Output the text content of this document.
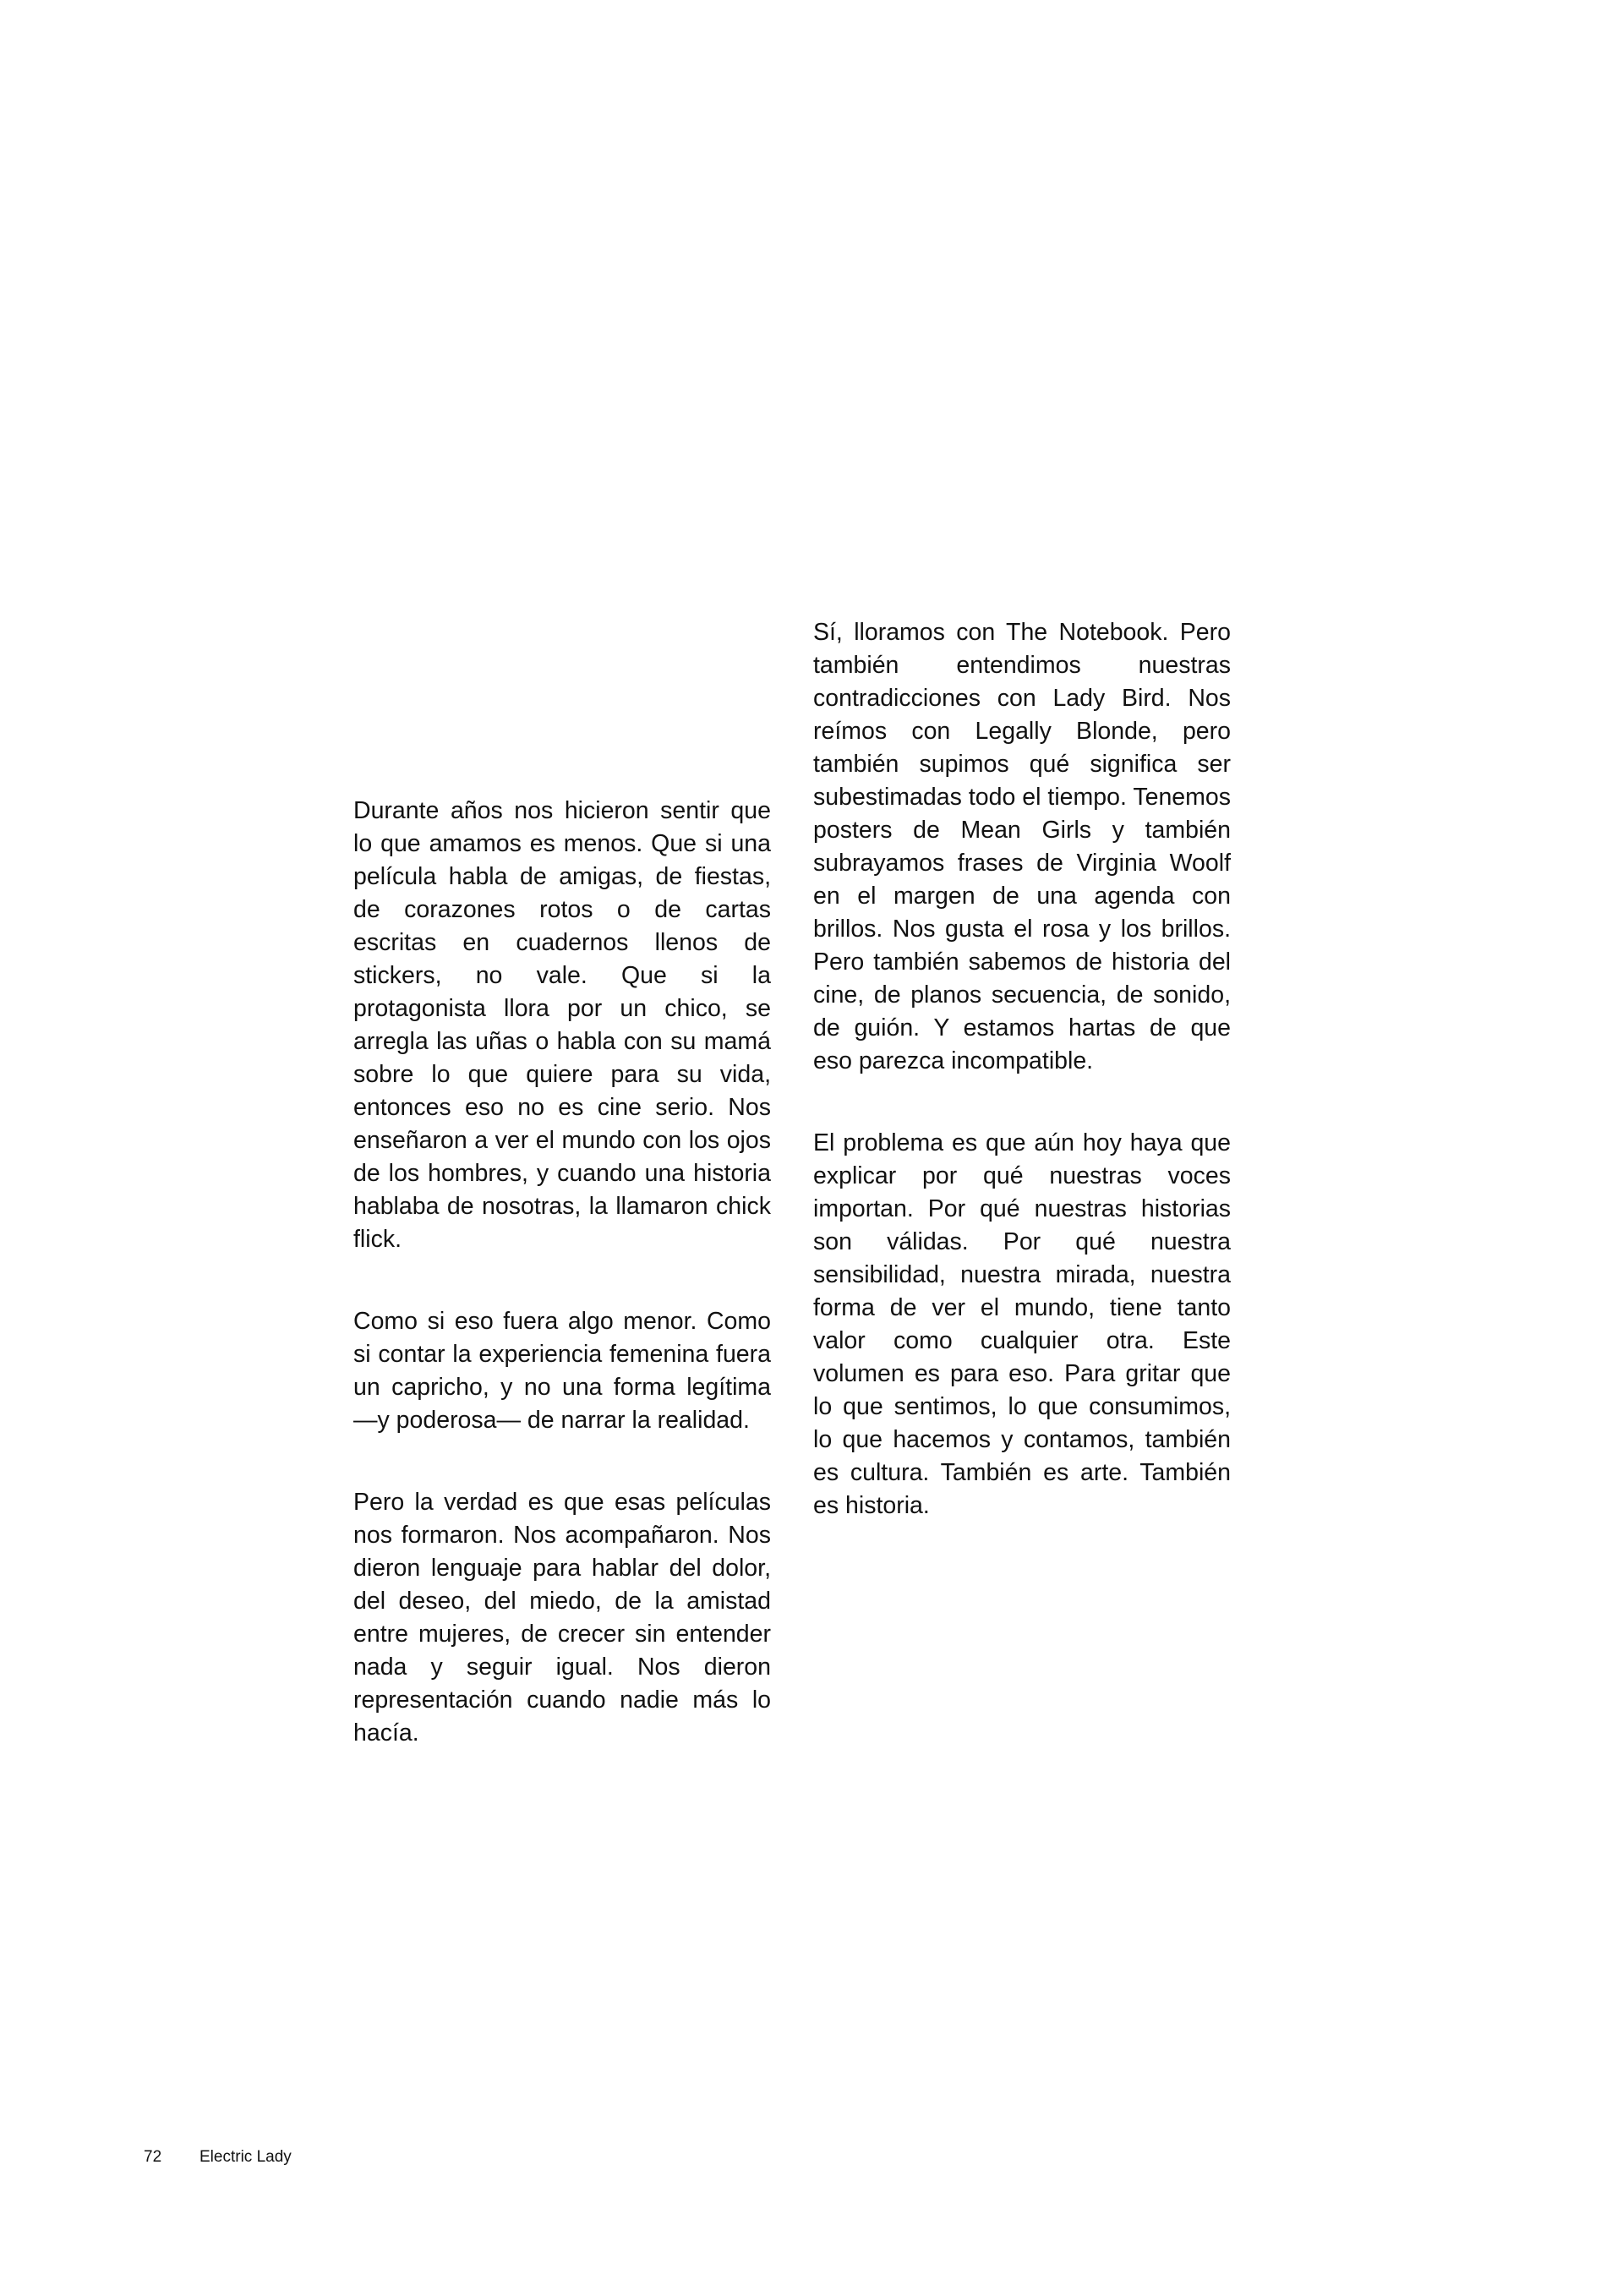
Durante años nos hicieron sentir que lo que amamos es menos. Que si una película habla de amigas, de fiestas, de corazones rotos o de cartas escritas en cuadernos llenos de stickers, no vale. Que si la protagonista llora por un chico, se arregla las uñas o habla con su mamá sobre lo que quiere para su vida, entonces eso no es cine serio. Nos enseñaron a ver el mundo con los ojos de los hombres, y cuando una historia hablaba de nosotras, la llamaron chick flick.

Como si eso fuera algo menor. Como si contar la experiencia femenina fuera un capricho, y no una forma legítima —y poderosa— de narrar la realidad.

Pero la verdad es que esas películas nos formaron. Nos acompañaron. Nos dieron lenguaje para hablar del dolor, del deseo, del miedo, de la amistad entre mujeres, de crecer sin entender nada y seguir igual. Nos dieron representación cuando nadie más lo hacía.

Sí, lloramos con The Notebook. Pero también entendimos nuestras contradicciones con Lady Bird. Nos reímos con Legally Blonde, pero también supimos qué significa ser subestimadas todo el tiempo. Tenemos posters de Mean Girls y también subrayamos frases de Virginia Woolf en el margen de una agenda con brillos. Nos gusta el rosa y los brillos. Pero también sabemos de historia del cine, de planos secuencia, de sonido, de guión. Y estamos hartas de que eso parezca incompatible.

El problema es que aún hoy haya que explicar por qué nuestras voces importan. Por qué nuestras historias son válidas. Por qué nuestra sensibilidad, nuestra mirada, nuestra forma de ver el mundo, tiene tanto valor como cualquier otra. Este volumen es para eso. Para gritar que lo que sentimos, lo que consumimos, lo que hacemos y contamos, también es cultura. También es arte. También es historia.

72 Electric Lady
